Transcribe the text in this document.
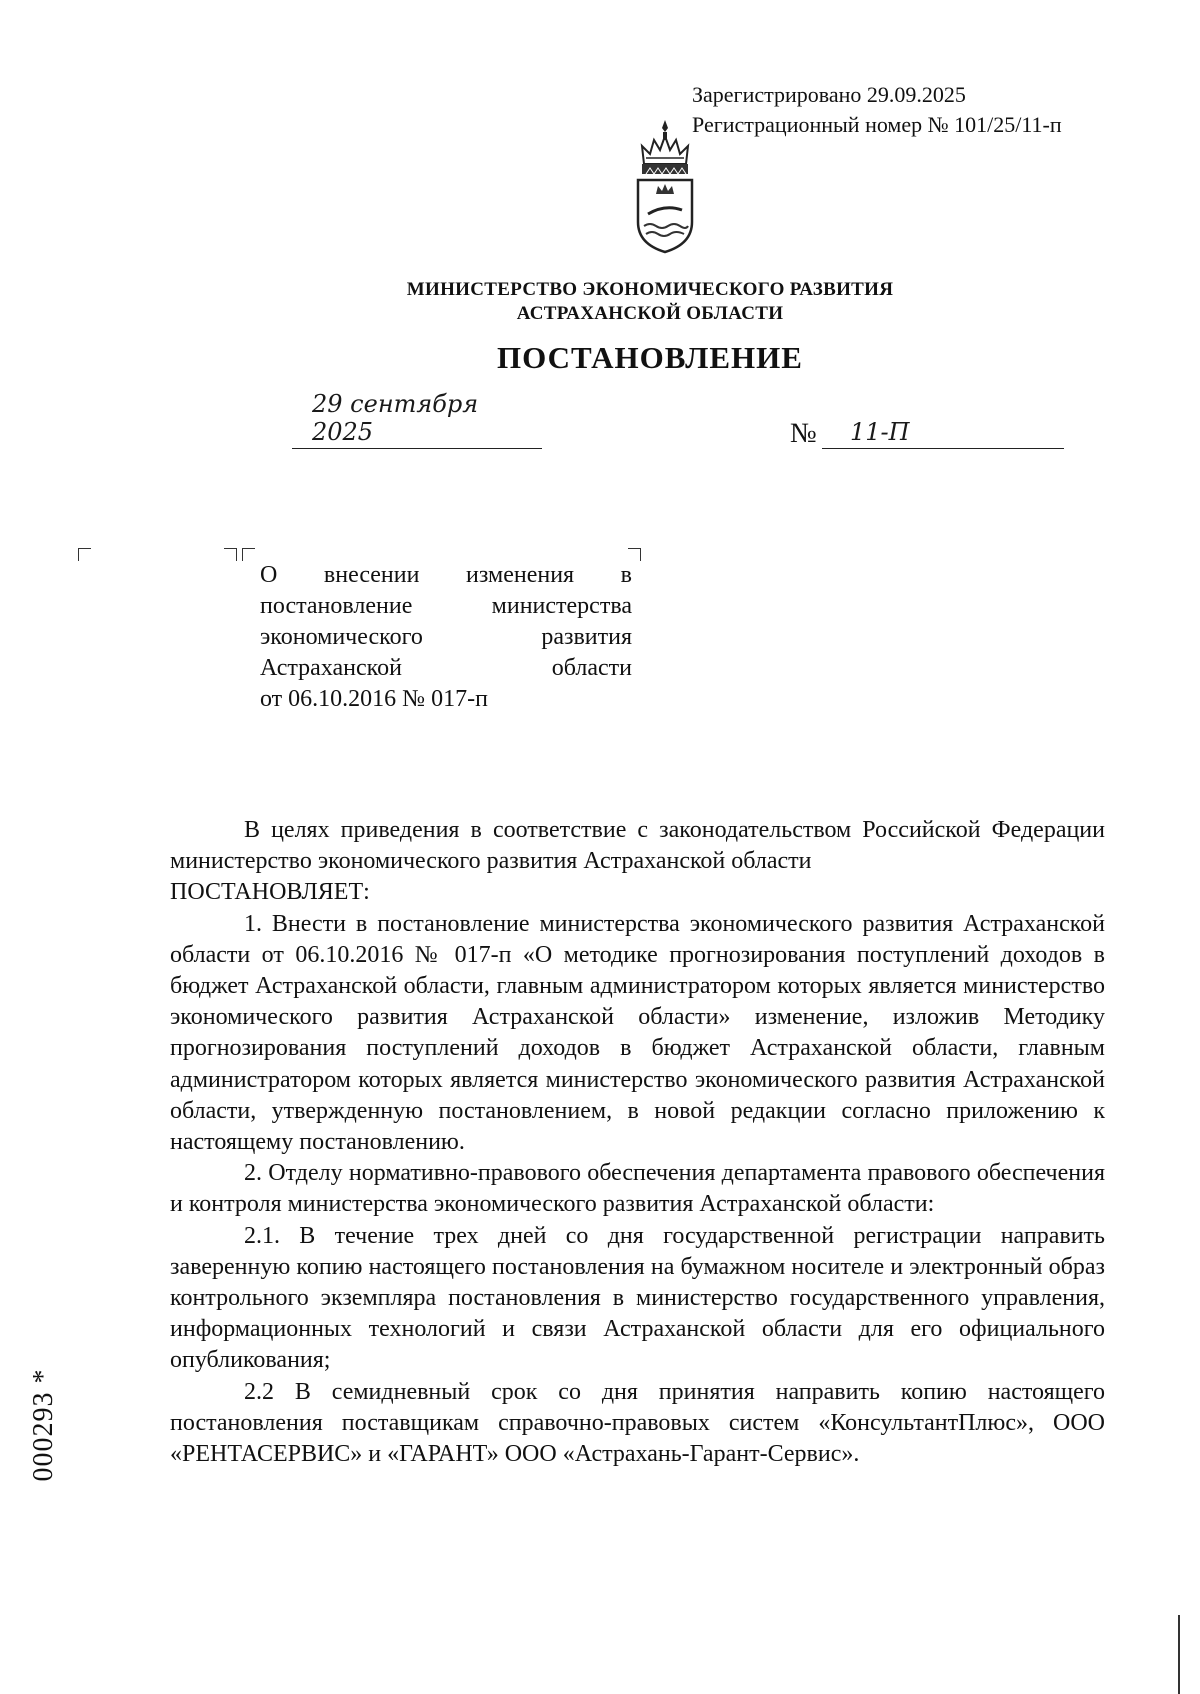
Зарегистрировано 29.09.2025
Регистрационный номер № 101/25/11-п
МИНИСТЕРСТВО ЭКОНОМИЧЕСКОГО РАЗВИТИЯ
АСТРАХАНСКОЙ ОБЛАСТИ
ПОСТАНОВЛЕНИЕ
29 сентября 2025	№ 11-П
О внесении изменения в
постановление министерства
экономического развития
Астраханской области
от 06.10.2016 № 017-п

В целях приведения в соответствие с законодательством Российской Федерации министерство экономического развития Астраханской области

ПОСТАНОВЛЯЕТ:

1. Внести в постановление министерства экономического развития Астраханской области от 06.10.2016 № 017-п «О методике прогнозирования поступлений доходов в бюджет Астраханской области, главным администратором которых является министерство экономического развития Астраханской области» изменение, изложив Методику прогнозирования поступлений доходов в бюджет Астраханской области, главным администратором которых является министерство экономического развития Астраханской области, утвержденную постановлением, в новой редакции согласно приложению к настоящему постановлению.

2. Отделу нормативно-правового обеспечения департамента правового обеспечения и контроля министерства экономического развития Астраханской области:

2.1. В течение трех дней со дня государственной регистрации направить заверенную копию настоящего постановления на бумажном носителе и электронный образ контрольного экземпляра постановления в министерство государственного управления, информационных технологий и связи Астраханской области для его официального опубликования;

2.2 В семидневный срок со дня принятия направить копию настоящего постановления поставщикам справочно-правовых систем «КонсультантПлюс», ООО «РЕНТАСЕРВИС» и «ГАРАНТ» ООО «Астрахань-Гарант-Сервис».

000293 *
